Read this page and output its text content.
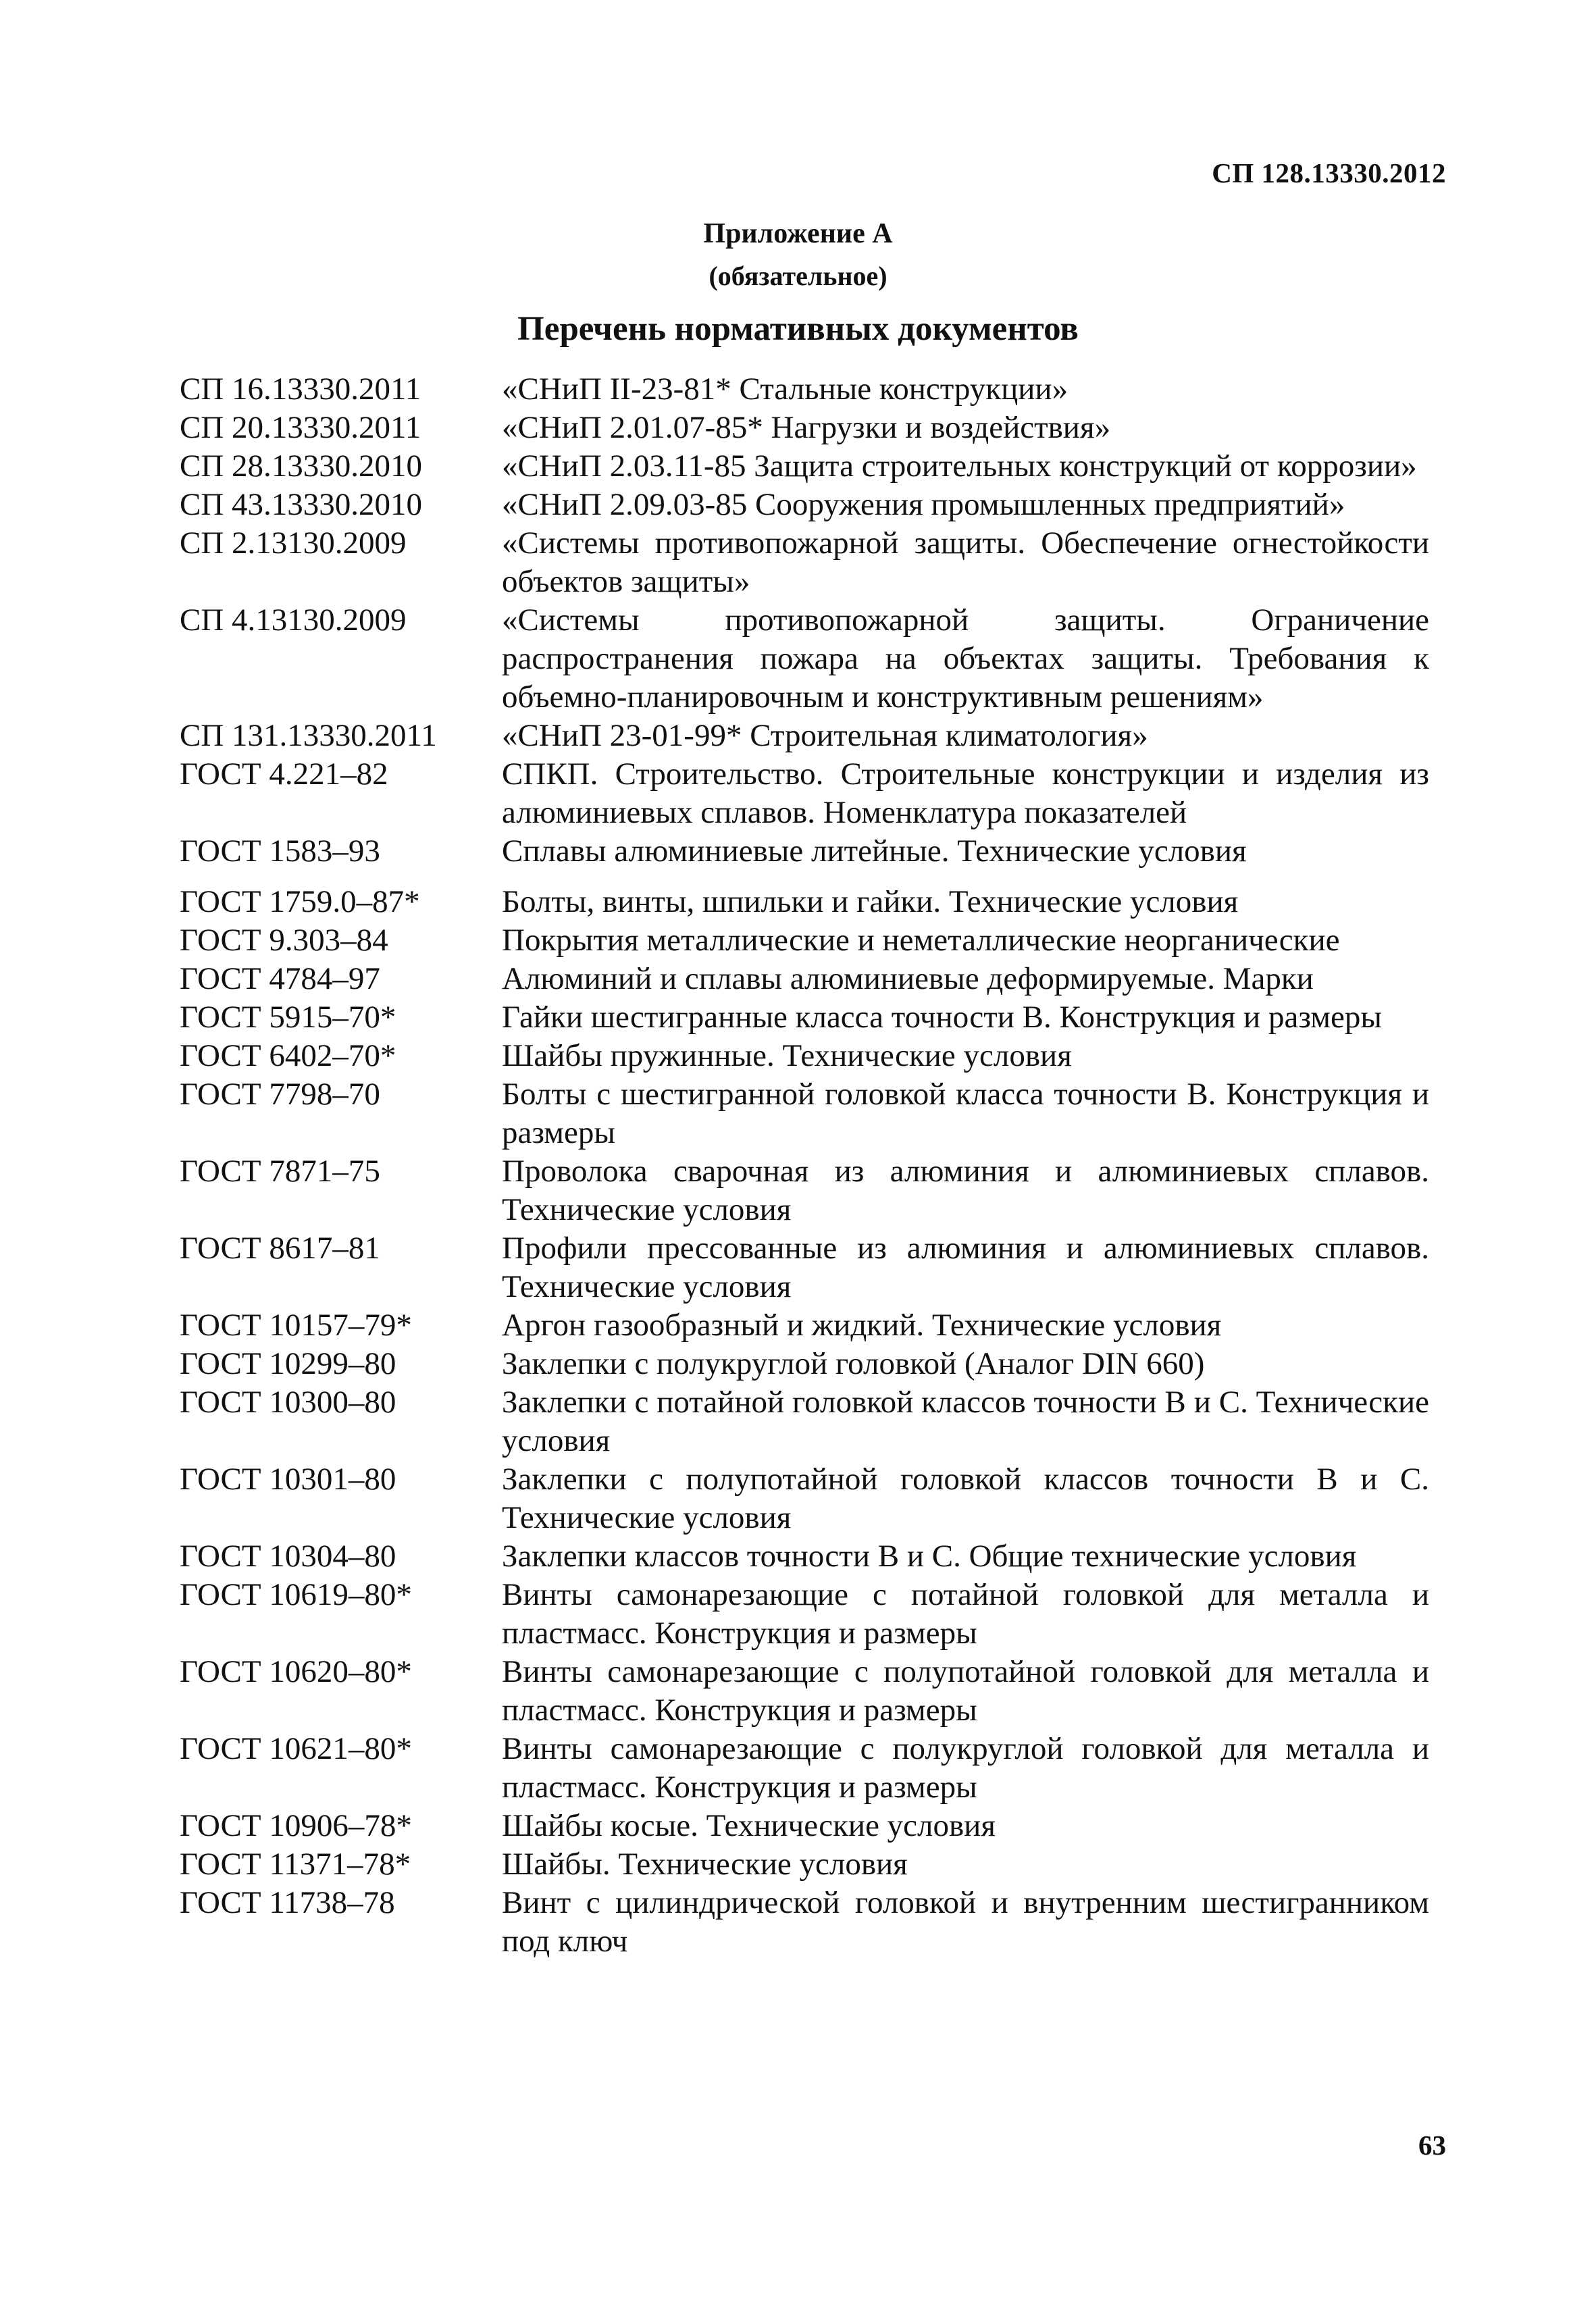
СП 128.13330.2012
Приложение А
(обязательное)
Перечень нормативных документов
СП 16.13330.2011	«СНиП II-23-81* Стальные конструкции»
СП 20.13330.2011	«СНиП 2.01.07-85* Нагрузки и воздействия»
СП 28.13330.2010	«СНиП 2.03.11-85 Защита строительных конструкций от коррозии»
СП 43.13330.2010	«СНиП 2.09.03-85 Сооружения промышленных предприятий»
СП 2.13130.2009	«Системы противопожарной защиты. Обеспечение огнестойкости объектов защиты»
СП 4.13130.2009	«Системы противопожарной защиты. Ограничение распространения пожара на объектах защиты. Требования к объемно-планировочным и конструктивным решениям»
СП 131.13330.2011	«СНиП 23-01-99* Строительная климатология»
ГОСТ 4.221–82	СПКП. Строительство. Строительные конструкции и изделия из алюминиевых сплавов. Номенклатура показателей
ГОСТ 1583–93	Сплавы алюминиевые литейные. Технические условия
ГОСТ 1759.0–87*	Болты, винты, шпильки и гайки. Технические условия
ГОСТ 9.303–84	Покрытия металлические и неметаллические неорганические
ГОСТ 4784–97	Алюминий и сплавы алюминиевые деформируемые. Марки
ГОСТ 5915–70*	Гайки шестигранные класса точности В. Конструкция и размеры
ГОСТ 6402–70*	Шайбы пружинные. Технические условия
ГОСТ 7798–70	Болты с шестигранной головкой класса точности В. Конструкция и размеры
ГОСТ 7871–75	Проволока сварочная из алюминия и алюминиевых сплавов. Технические условия
ГОСТ 8617–81	Профили прессованные из алюминия и алюминиевых сплавов. Технические условия
ГОСТ 10157–79*	Аргон газообразный и жидкий. Технические условия
ГОСТ 10299–80	Заклепки с полукруглой головкой (Аналог DIN 660)
ГОСТ 10300–80	Заклепки с потайной головкой классов точности В и С. Технические условия
ГОСТ 10301–80	Заклепки с полупотайной головкой классов точности В и С. Технические условия
ГОСТ 10304–80	Заклепки классов точности В и С. Общие технические условия
ГОСТ 10619–80*	Винты самонарезающие с потайной головкой для металла и пластмасс. Конструкция и размеры
ГОСТ 10620–80*	Винты самонарезающие с полупотайной головкой для металла и пластмасс. Конструкция и размеры
ГОСТ 10621–80*	Винты самонарезающие с полукруглой головкой для металла и пластмасс. Конструкция и размеры
ГОСТ 10906–78*	Шайбы косые. Технические условия
ГОСТ 11371–78*	Шайбы. Технические условия
ГОСТ 11738–78	Винт с цилиндрической головкой и внутренним шестигранником под ключ
63
